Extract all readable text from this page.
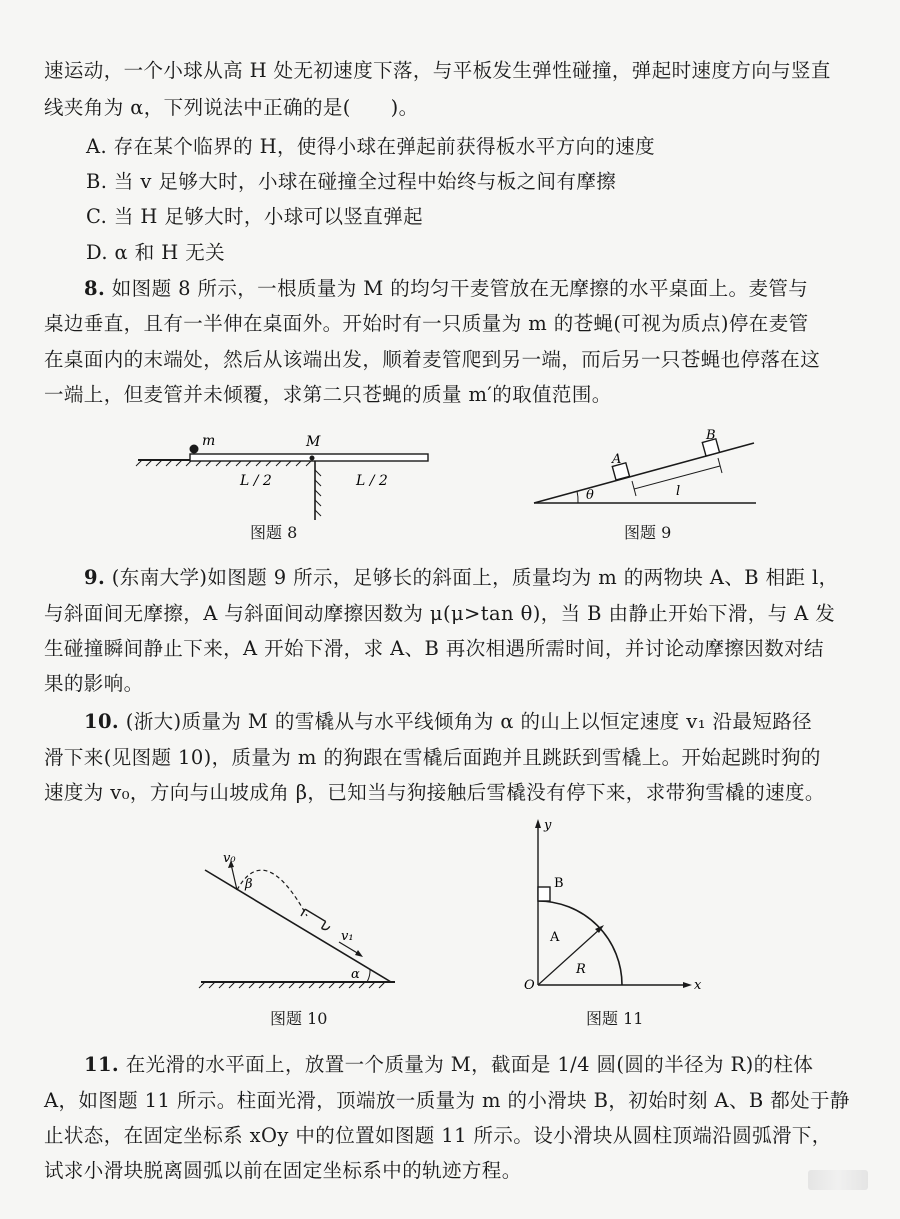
速运动，一个小球从高 H 处无初速度下落，与平板发生弹性碰撞，弹起时速度方向与竖直
线夹角为 α，下列说法中正确的是(　　)。
A. 存在某个临界的 H，使得小球在弹起前获得板水平方向的速度
B. 当 v 足够大时，小球在碰撞全过程中始终与板之间有摩擦
C. 当 H 足够大时，小球可以竖直弹起
D. α 和 H 无关
8. 如图题 8 所示，一根质量为 M 的均匀干麦管放在无摩擦的水平桌面上。麦管与
桌边垂直，且有一半伸在桌面外。开始时有一只质量为 m 的苍蝇(可视为质点)停在麦管
在桌面内的末端处，然后从该端出发，顺着麦管爬到另一端，而后另一只苍蝇也停落在这
一端上，但麦管并未倾覆，求第二只苍蝇的质量 m′的取值范围。
m	M
L / 2	L / 2
图题 8
θ
A
B
l
图题 9
9. (东南大学)如图题 9 所示，足够长的斜面上，质量均为 m 的两物块 A、B 相距 l，
与斜面间无摩擦，A 与斜面间动摩擦因数为 μ(μ>tan θ)，当 B 由静止开始下滑，与 A 发
生碰撞瞬间静止下来，A 开始下滑，求 A、B 再次相遇所需时间，并讨论动摩擦因数对结
果的影响。
10. (浙大)质量为 M 的雪橇从与水平线倾角为 α 的山上以恒定速度 v₁ 沿最短路径
滑下来(见图题 10)，质量为 m 的狗跟在雪橇后面跑并且跳跃到雪橇上。开始起跳时狗的
速度为 v₀，方向与山坡成角 β，已知当与狗接触后雪橇没有停下来，求带狗雪橇的速度。
α
v₀
β
v₁
图题 10
y
x
O
B
A
R
图题 11
11. 在光滑的水平面上，放置一个质量为 M，截面是 1/4 圆(圆的半径为 R)的柱体
A，如图题 11 所示。柱面光滑，顶端放一质量为 m 的小滑块 B，初始时刻 A、B 都处于静
止状态，在固定坐标系 xOy 中的位置如图题 11 所示。设小滑块从圆柱顶端沿圆弧滑下，
试求小滑块脱离圆弧以前在固定坐标系中的轨迹方程。
